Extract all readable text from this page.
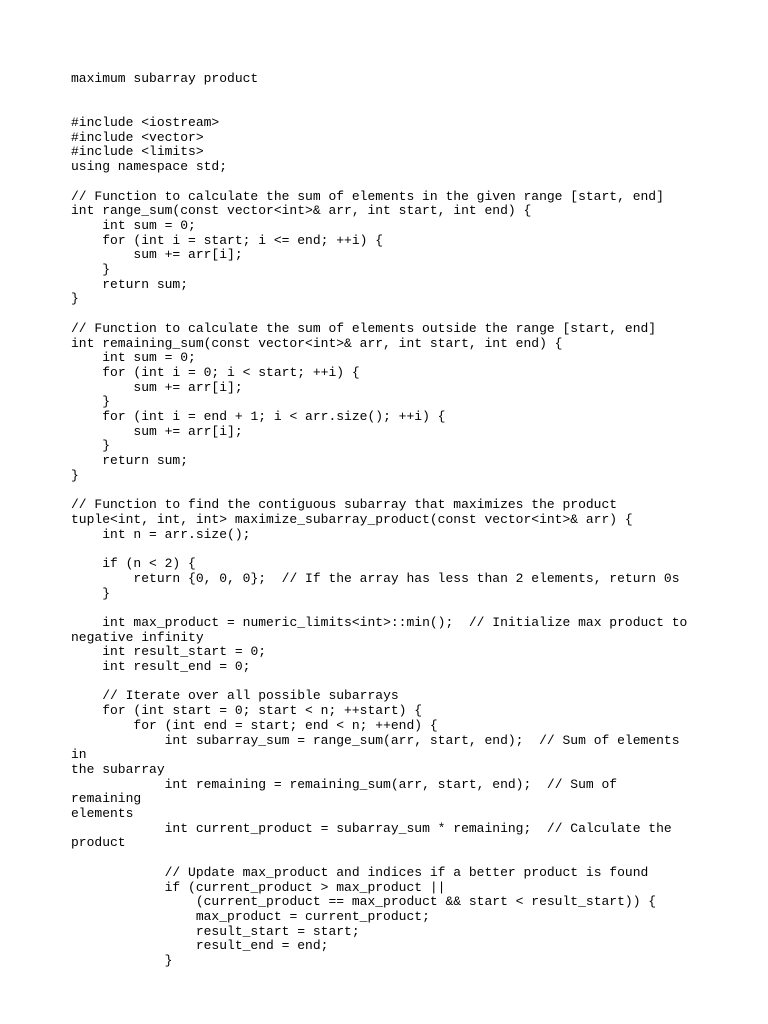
maximum subarray product
#include <iostream>
#include <vector>
#include <limits>
using namespace std;

// Function to calculate the sum of elements in the given range [start, end]
int range_sum(const vector<int>& arr, int start, int end) {
int sum = 0;
for (int i = start; i <= end; ++i) {
sum += arr[i];
}
return sum;
}

// Function to calculate the sum of elements outside the range [start, end]
int remaining_sum(const vector<int>& arr, int start, int end) {
int sum = 0;
for (int i = 0; i < start; ++i) {
sum += arr[i];
}
for (int i = end + 1; i < arr.size(); ++i) {
sum += arr[i];
}
return sum;
}

// Function to find the contiguous subarray that maximizes the product
tuple<int, int, int> maximize_subarray_product(const vector<int>& arr) {
int n = arr.size();

if (n < 2) {
return {0, 0, 0};  // If the array has less than 2 elements, return 0s
}

int max_product = numeric_limits<int>::min();  // Initialize max product to
negative infinity
int result_start = 0;
int result_end = 0;

// Iterate over all possible subarrays
for (int start = 0; start < n; ++start) {
for (int end = start; end < n; ++end) {
int subarray_sum = range_sum(arr, start, end);  // Sum of elements in
the subarray
int remaining = remaining_sum(arr, start, end);  // Sum of remaining
elements
int current_product = subarray_sum * remaining;  // Calculate the
product

// Update max_product and indices if a better product is found
if (current_product > max_product ||
(current_product == max_product && start < result_start)) {
max_product = current_product;
result_start = start;
result_end = end;
}
